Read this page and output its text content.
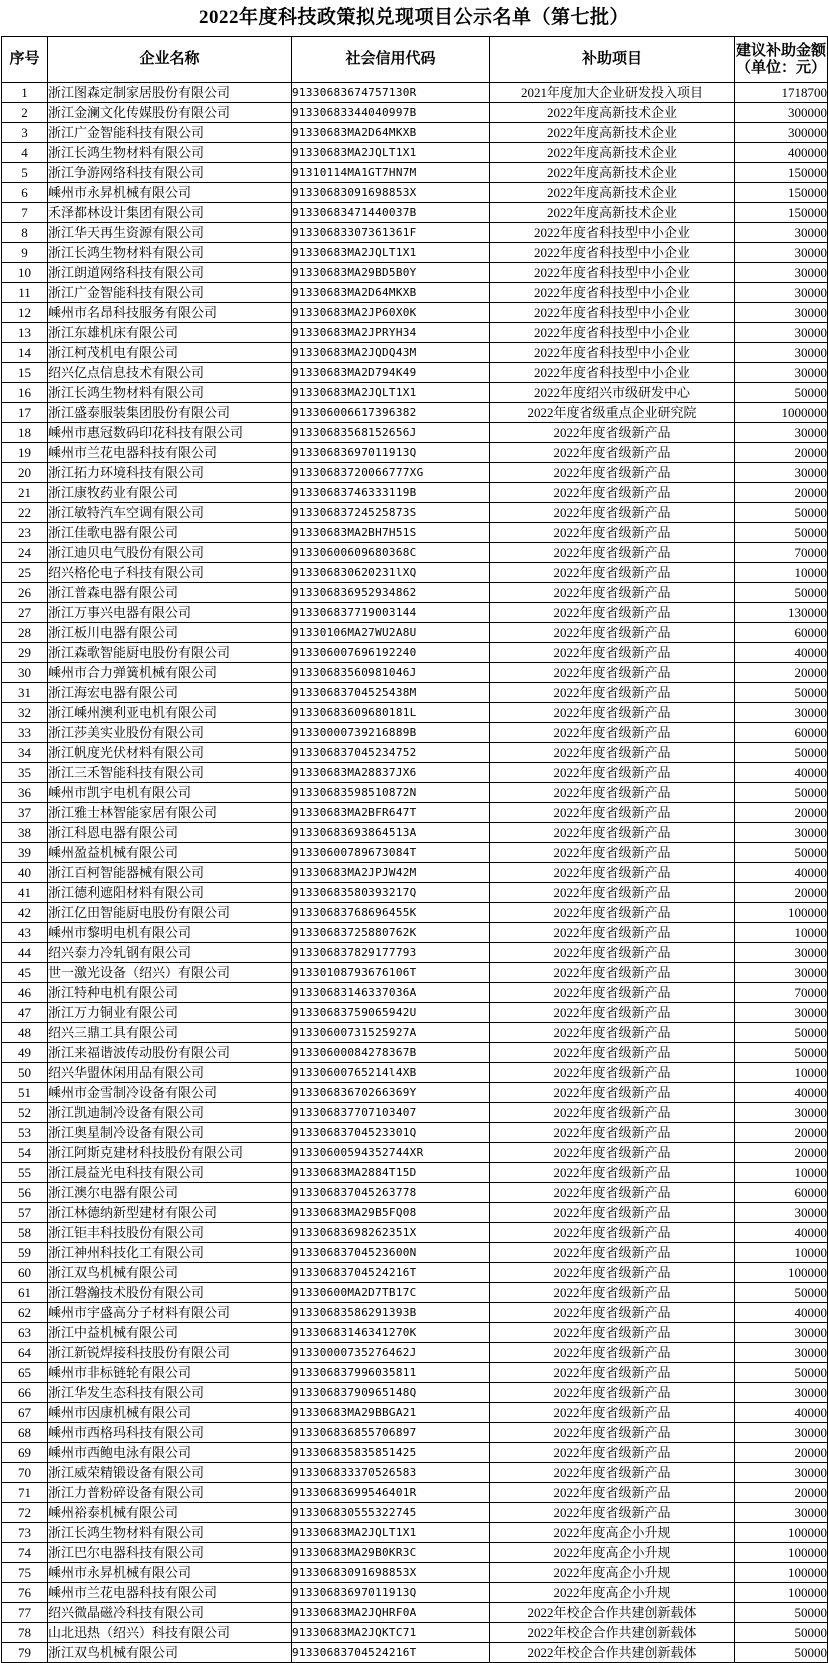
2022年度科技政策拟兑现项目公示名单（第七批）
序号	企业名称	社会信用代码	补助项目	建议补助金额
（单位：元）

1	浙江图森定制家居股份有限公司	91330683674757130R	2021年度加大企业研发投入项目	1718700
2	浙江金澜文化传媒股份有限公司	91330683344040997B	2022年度高新技术企业	300000
3	浙江广金智能科技有限公司	91330683MA2D64MKXB	2022年度高新技术企业	300000
4	浙江长鸿生物材料有限公司	91330683MA2JQLT1X1	2022年度高新技术企业	400000
5	浙江争游网络科技有限公司	91310114MA1GT7HN7M	2022年度高新技术企业	150000
6	嵊州市永昇机械有限公司	91330683091698853X	2022年度高新技术企业	150000
7	禾泽都林设计集团有限公司	91330683471440037B	2022年度高新技术企业	150000
8	浙江华天再生资源有限公司	91330683307361361F	2022年度省科技型中小企业	30000
9	浙江长鸿生物材料有限公司	91330683MA2JQLT1X1	2022年度省科技型中小企业	30000
10	浙江朗道网络科技有限公司	91330683MA29BD5B0Y	2022年度省科技型中小企业	30000
11	浙江广金智能科技有限公司	91330683MA2D64MKXB	2022年度省科技型中小企业	30000
12	嵊州市名昂科技服务有限公司	91330683MA2JP60X0K	2022年度省科技型中小企业	30000
13	浙江东雄机床有限公司	91330683MA2JPRYH34	2022年度省科技型中小企业	30000
14	浙江柯茂机电有限公司	91330683MA2JQDQ43M	2022年度省科技型中小企业	30000
15	绍兴亿点信息技术有限公司	91330683MA2D794K49	2022年度省科技型中小企业	30000
16	浙江长鸿生物材料有限公司	91330683MA2JQLT1X1	2022年度绍兴市级研发中心	50000
17	浙江盛泰服装集团股份有限公司	913306006617396382	2022年度省级重点企业研究院	1000000
18	嵊州市惠冠数码印花科技有限公司	91330683568152656J	2022年度省级新产品	30000
19	嵊州市兰花电器科技有限公司	91330683697011913Q	2022年度省级新产品	20000
20	浙江拓力环境科技有限公司	91330683720066777XG	2022年度省级新产品	30000
21	浙江康牧药业有限公司	91330683746333119B	2022年度省级新产品	20000
22	浙江敏特汽车空调有限公司	91330683724525873S	2022年度省级新产品	50000
23	浙江佳歌电器有限公司	91330683MA2BH7H51S	2022年度省级新产品	50000
24	浙江迪贝电气股份有限公司	91330600609680368C	2022年度省级新产品	70000
25	绍兴格伦电子科技有限公司	913306830620231lXQ	2022年度省级新产品	10000
26	浙江普森电器有限公司	913306836952934862	2022年度省级新产品	50000
27	浙江万事兴电器有限公司	913306837719003144	2022年度省级新产品	130000
28	浙江板川电器有限公司	91330106MA27WU2A8U	2022年度省级新产品	60000
29	浙江森歌智能厨电股份有限公司	913306007696192240	2022年度省级新产品	40000
30	嵊州市合力弹簧机械有限公司	91330683560981046J	2022年度省级新产品	20000
31	浙江海宏电器有限公司	91330683704525438M	2022年度省级新产品	50000
32	浙江嵊州澳利亚电机有限公司	91330683609680181L	2022年度省级新产品	30000
33	浙江莎美实业股份有限公司	91330000739216889B	2022年度省级新产品	60000
34	浙江帆度光伏材料有限公司	913306837045234752	2022年度省级新产品	50000
35	浙江三禾智能科技有限公司	91330683MA28837JX6	2022年度省级新产品	40000
36	嵊州市凯宇电机有限公司	91330683598510872N	2022年度省级新产品	50000
37	浙江雅士林智能家居有限公司	91330683MA2BFR647T	2022年度省级新产品	20000
38	浙江科恩电器有限公司	91330683693864513A	2022年度省级新产品	30000
39	嵊州盈益机械有限公司	91330600789673084T	2022年度省级新产品	50000
40	浙江百柯智能器械有限公司	91330683MA2JPJW42M	2022年度省级新产品	40000
41	浙江德利遮阳材料有限公司	91330683580393217Q	2022年度省级新产品	20000
42	浙江亿田智能厨电股份有限公司	91330683768696455K	2022年度省级新产品	100000
43	嵊州市黎明电机有限公司	91330683725880762K	2022年度省级新产品	10000
44	绍兴泰力冷轧钢有限公司	913306837829177793	2022年度省级新产品	30000
45	世一激光设备（绍兴）有限公司	91330108793676106T	2022年度省级新产品	30000
46	浙江特种电机有限公司	91330683146337036A	2022年度省级新产品	70000
47	浙江万力铜业有限公司	91330683759065942U	2022年度省级新产品	30000
48	绍兴三鼎工具有限公司	91330600731525927A	2022年度省级新产品	50000
49	浙江来福谐波传动股份有限公司	91330600084278367B	2022年度省级新产品	50000
50	绍兴华盟休闲用品有限公司	91330600765214l4XB	2022年度省级新产品	10000
51	嵊州市金雪制冷设备有限公司	91330683670266369Y	2022年度省级新产品	40000
52	浙江凯迪制冷设备有限公司	913306837707103407	2022年度省级新产品	30000
53	浙江奥星制冷设备有限公司	91330683704523301Q	2022年度省级新产品	20000
54	浙江阿斯克建材科技股份有限公司	91330600594352744XR	2022年度省级新产品	20000
55	浙江晨益光电科技有限公司	91330683MA2884T15D	2022年度省级新产品	10000
56	浙江澳尔电器有限公司	913306837045263778	2022年度省级新产品	60000
57	浙江林德纳新型建材有限公司	91330683MA29B5FQ08	2022年度省级新产品	30000
58	浙江钜丰科技股份有限公司	91330683698262351X	2022年度省级新产品	40000
59	浙江神州科技化工有限公司	91330683704523600N	2022年度省级新产品	10000
60	浙江双鸟机械有限公司	91330683704524216T	2022年度省级新产品	100000
61	浙江磐瀚技术股份有限公司	91330600MA2D7TB17C	2022年度省级新产品	50000
62	嵊州市宇盛高分子材料有限公司	91330683586291393B	2022年度省级新产品	40000
63	浙江中益机械有限公司	91330683146341270K	2022年度省级新产品	30000
64	浙江新锐焊接科技股份有限公司	91330000735276462J	2022年度省级新产品	30000
65	嵊州市非标链轮有限公司	913306837996035811	2022年度省级新产品	50000
66	浙江华发生态科技有限公司	91330683790965148Q	2022年度省级新产品	30000
67	嵊州市因康机械有限公司	91330683MA29BBGA21	2022年度省级新产品	40000
68	嵊州市西格玛科技有限公司	913306836855706897	2022年度省级新产品	30000
69	嵊州市西鲍电泳有限公司	913306835835851425	2022年度省级新产品	20000
70	浙江威荣精锻设备有限公司	913306833370526583	2022年度省级新产品	30000
71	浙江力普粉碎设备有限公司	91330683699546401R	2022年度省级新产品	20000
72	嵊州裕泰机械有限公司	913306830555322745	2022年度省级新产品	30000
73	浙江长鸿生物材料有限公司	91330683MA2JQLT1X1	2022年度高企小升规	100000
74	浙江巴尔电器科技有限公司	91330683MA29B0KR3C	2022年度高企小升规	100000
75	嵊州市永昇机械有限公司	91330683091698853X	2022年度高企小升规	100000
76	嵊州市兰花电器科技有限公司	91330683697011913Q	2022年度高企小升规	100000
77	绍兴微晶磁冷科技有限公司	91330683MA2JQHRF0A	2022年校企合作共建创新载体	50000
78	山北迅热（绍兴）科技有限公司	91330683MA2JQKTC71	2022年校企合作共建创新载体	50000
79	浙江双鸟机械有限公司	91330683704524216T	2022年校企合作共建创新载体	50000
